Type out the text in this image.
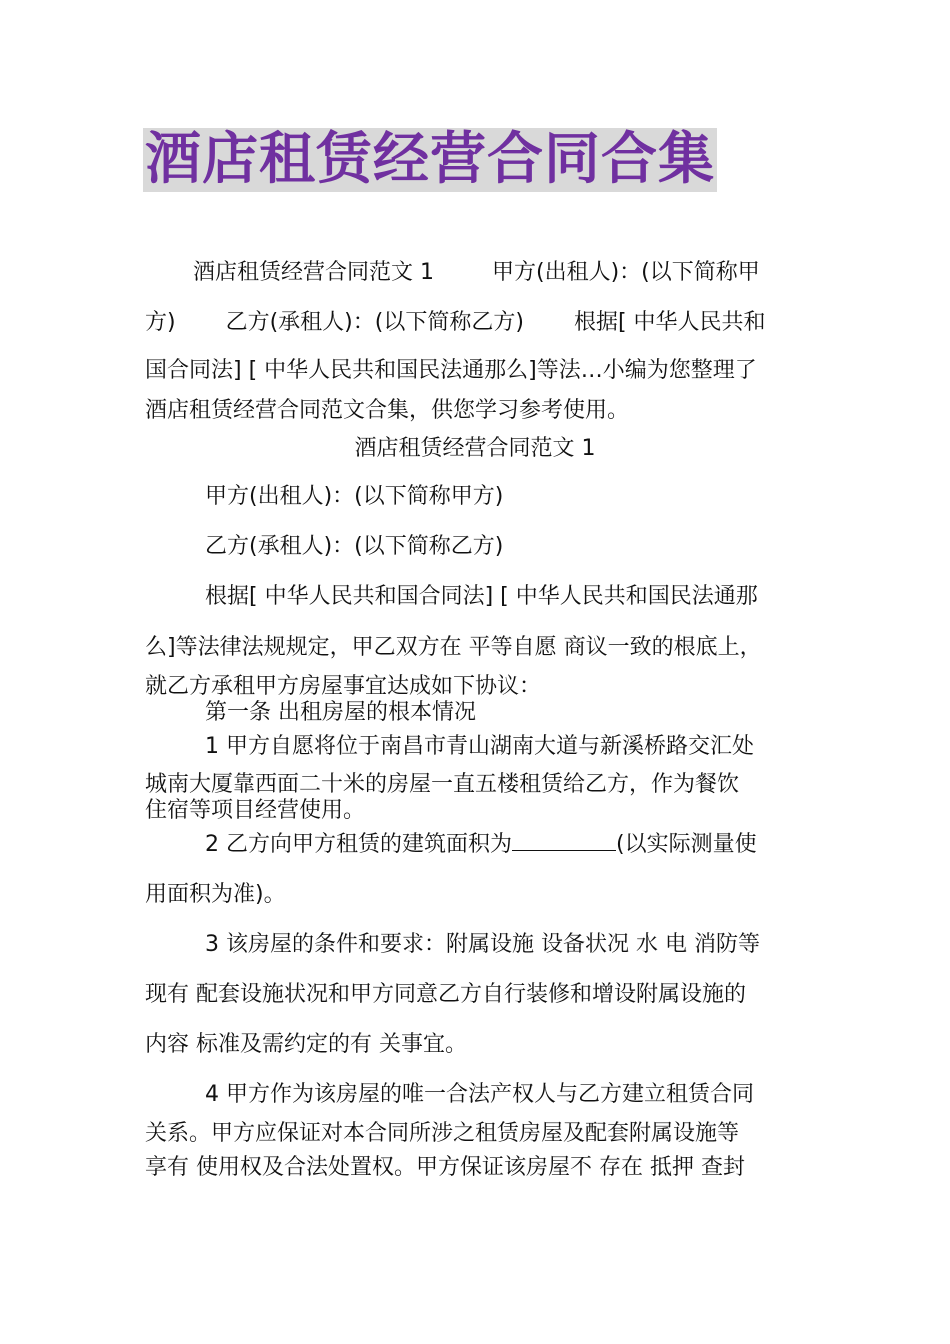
酒店租赁经营合同合集
酒店租赁经营合同范文 1	甲方(出租人)：(以下简称甲
方) 乙方(承租人)：(以下简称乙方) 根据[ 中华人民共和
国合同法] [ 中华人民共和国民法通那么]等法…小编为您整理了
酒店租赁经营合同范文合集，供您学习参考使用。
酒店租赁经营合同范文 1
甲方(出租人)：(以下简称甲方)
乙方(承租人)：(以下简称乙方)
根据[ 中华人民共和国合同法] [ 中华人民共和国民法通那
么]等法律法规规定，甲乙双方在 平等自愿 商议一致的根底上，
就乙方承租甲方房屋事宜达成如下协议：
第一条 出租房屋的根本情况
1 甲方自愿将位于南昌市青山湖南大道与新溪桥路交汇处
城南大厦靠西面二十米的房屋一直五楼租赁给乙方，作为餐饮
住宿等项目经营使用。
2 乙方向甲方租赁的建筑面积为	(以实际测量使
用面积为准)。
3 该房屋的条件和要求：附属设施 设备状况 水 电 消防等
现有 配套设施状况和甲方同意乙方自行装修和增设附属设施的
内容 标准及需约定的有 关事宜。
4 甲方作为该房屋的唯一合法产权人与乙方建立租赁合同
关系。甲方应保证对本合同所涉之租赁房屋及配套附属设施等
享有 使用权及合法处置权。甲方保证该房屋不 存在 抵押 查封
